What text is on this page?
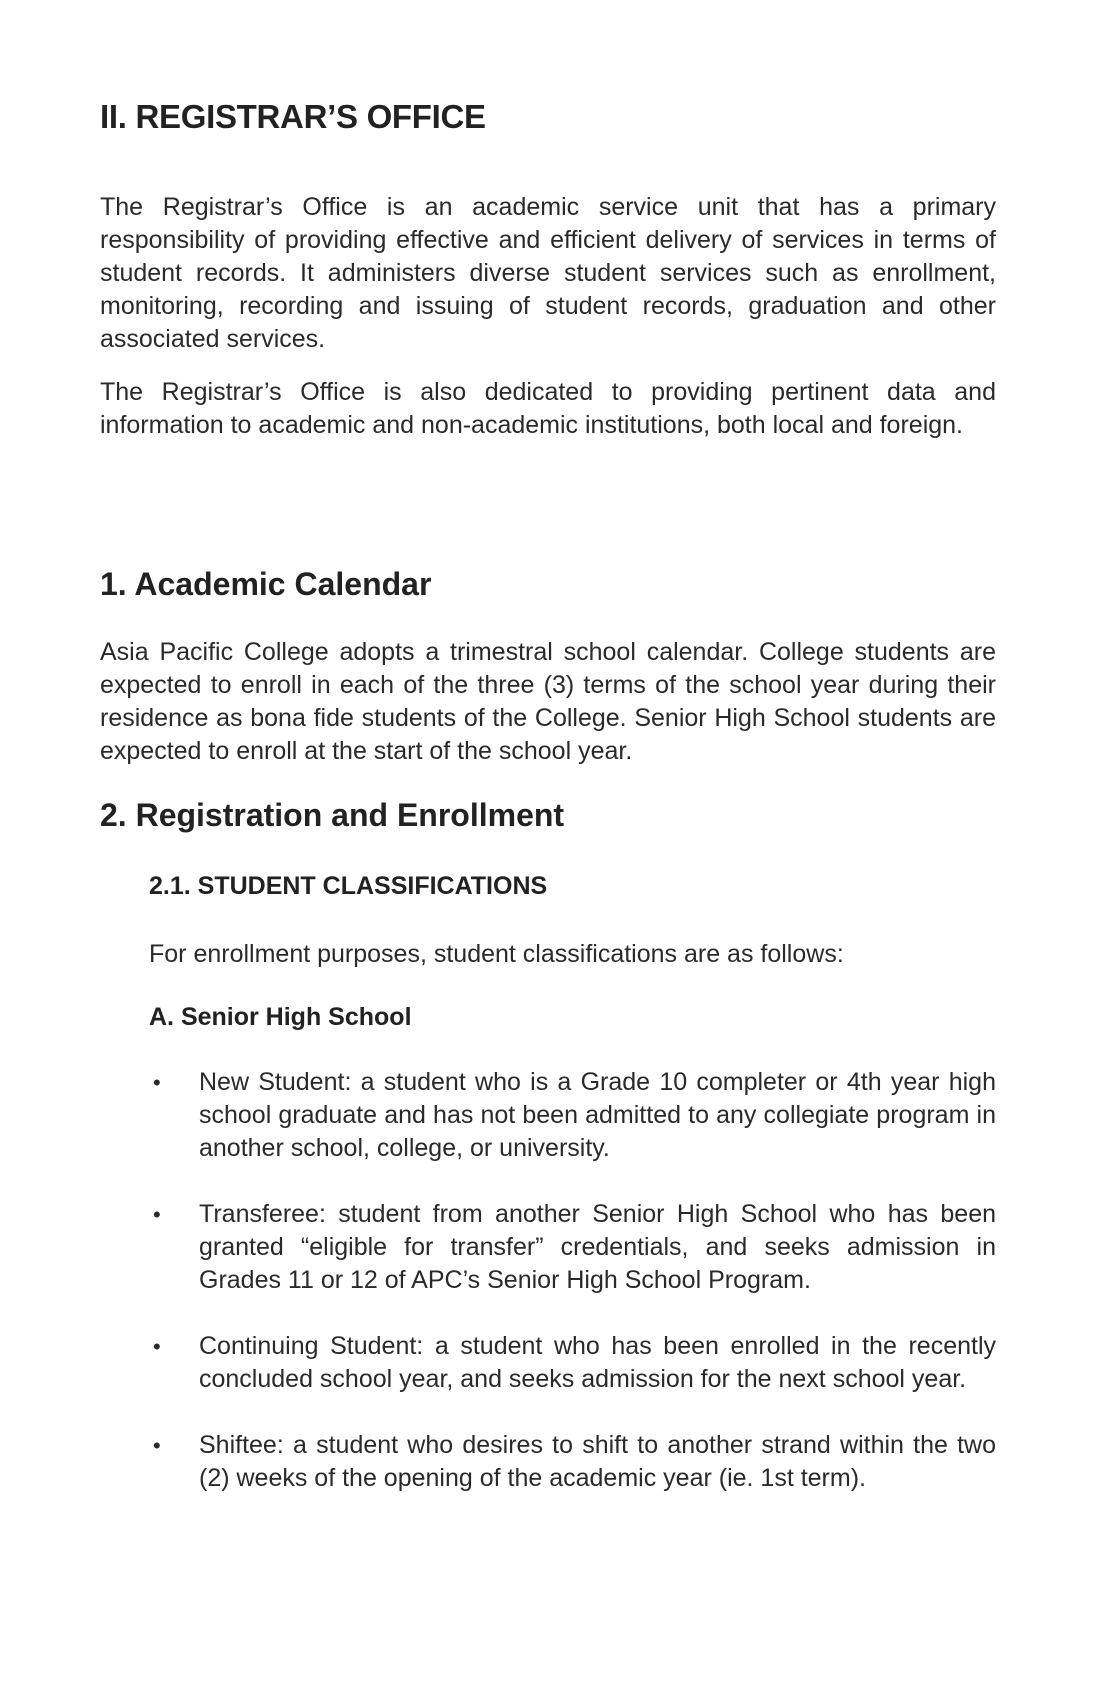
II. REGISTRAR’S OFFICE

The Registrar’s Office is an academic service unit that has a primary responsibility of providing effective and efficient delivery of services in terms of student records. It administers diverse student services such as enrollment, monitoring, recording and issuing of student records, graduation and other associated services.

The Registrar’s Office is also dedicated to providing pertinent data and information to academic and non-academic institutions, both local and foreign.

1. Academic Calendar

Asia Pacific College adopts a trimestral school calendar. College students are expected to enroll in each of the three (3) terms of the school year during their residence as bona fide students of the College. Senior High School students are expected to enroll at the start of the school year.

2. Registration and Enrollment
2.1. STUDENT CLASSIFICATIONS

For enrollment purposes, student classifications are as follows:

A. Senior High School
•	New Student: a student who is a Grade 10 completer or 4th year high school graduate and has not been admitted to any collegiate program in another school, college, or university.
•	Transferee: student from another Senior High School who has been granted “eligible for transfer” credentials, and seeks admission in Grades 11 or 12 of APC’s Senior High School Program.
•	Continuing Student: a student who has been enrolled in the recently concluded school year, and seeks admission for the next school year.
•	Shiftee: a student who desires to shift to another strand within the two (2) weeks of the opening of the academic year (ie. 1st term).
